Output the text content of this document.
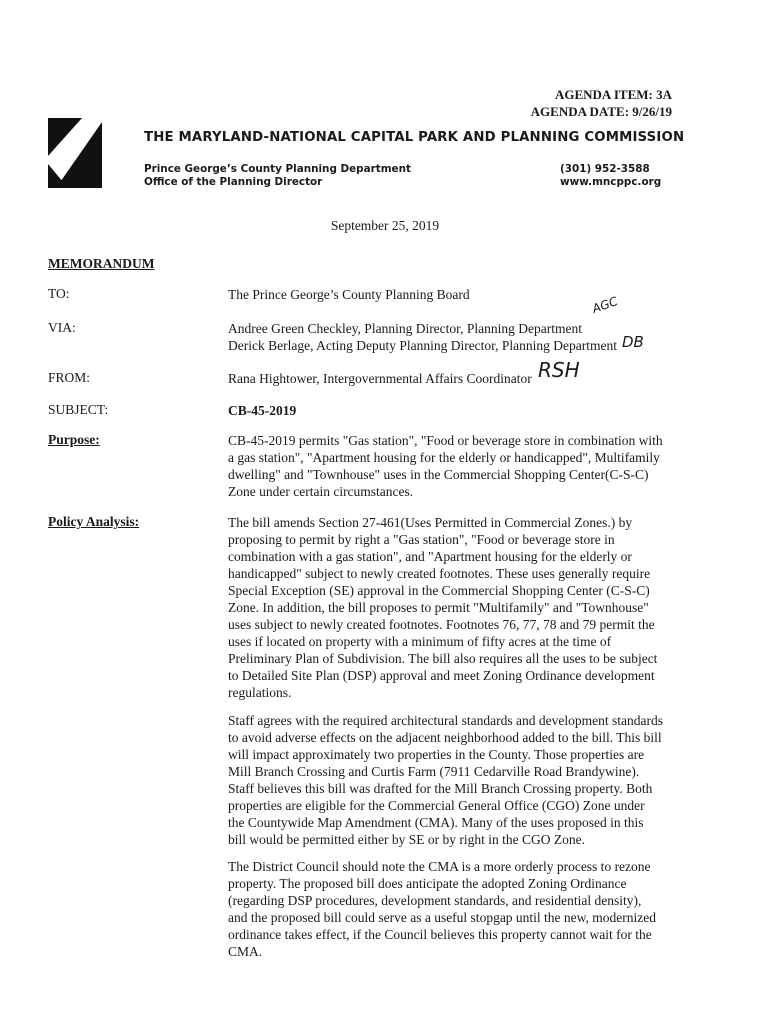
AGENDA ITEM: 3A
AGENDA DATE: 9/26/19
THE MARYLAND-NATIONAL CAPITAL PARK AND PLANNING COMMISSION
Prince George’s County Planning Department
Office of the Planning Director
(301) 952-3588
www.mncppc.org
September 25, 2019
MEMORANDUM
TO:	The Prince George’s County Planning Board
VIA:	Andree Green Checkley, Planning Director, Planning Department
Derick Berlage, Acting Deputy Planning Director, Planning Department
AGC
DB
FROM:	Rana Hightower, Intergovernmental Affairs Coordinator RSH
SUBJECT:	CB-45-2019
Purpose:	CB-45-2019 permits "Gas station", "Food or beverage store in combination with
a gas station", "Apartment housing for the elderly or handicapped", Multifamily
dwelling" and "Townhouse" uses in the Commercial Shopping Center(C-S-C)
Zone under certain circumstances.
Policy Analysis:	The bill amends Section 27-461(Uses Permitted in Commercial Zones.) by
proposing to permit by right a "Gas station", "Food or beverage store in
combination with a gas station", and "Apartment housing for the elderly or
handicapped" subject to newly created footnotes. These uses generally require
Special Exception (SE) approval in the Commercial Shopping Center (C-S-C)
Zone. In addition, the bill proposes to permit "Multifamily" and "Townhouse"
uses subject to newly created footnotes. Footnotes 76, 77, 78 and 79 permit the
uses if located on property with a minimum of fifty acres at the time of
Preliminary Plan of Subdivision. The bill also requires all the uses to be subject
to Detailed Site Plan (DSP) approval and meet Zoning Ordinance development
regulations.
Staff agrees with the required architectural standards and development standards
to avoid adverse effects on the adjacent neighborhood added to the bill. This bill
will impact approximately two properties in the County. Those properties are
Mill Branch Crossing and Curtis Farm (7911 Cedarville Road Brandywine).
Staff believes this bill was drafted for the Mill Branch Crossing property. Both
properties are eligible for the Commercial General Office (CGO) Zone under
the Countywide Map Amendment (CMA). Many of the uses proposed in this
bill would be permitted either by SE or by right in the CGO Zone.
The District Council should note the CMA is a more orderly process to rezone
property. The proposed bill does anticipate the adopted Zoning Ordinance
(regarding DSP procedures, development standards, and residential density),
and the proposed bill could serve as a useful stopgap until the new, modernized
ordinance takes effect, if the Council believes this property cannot wait for the
CMA.
